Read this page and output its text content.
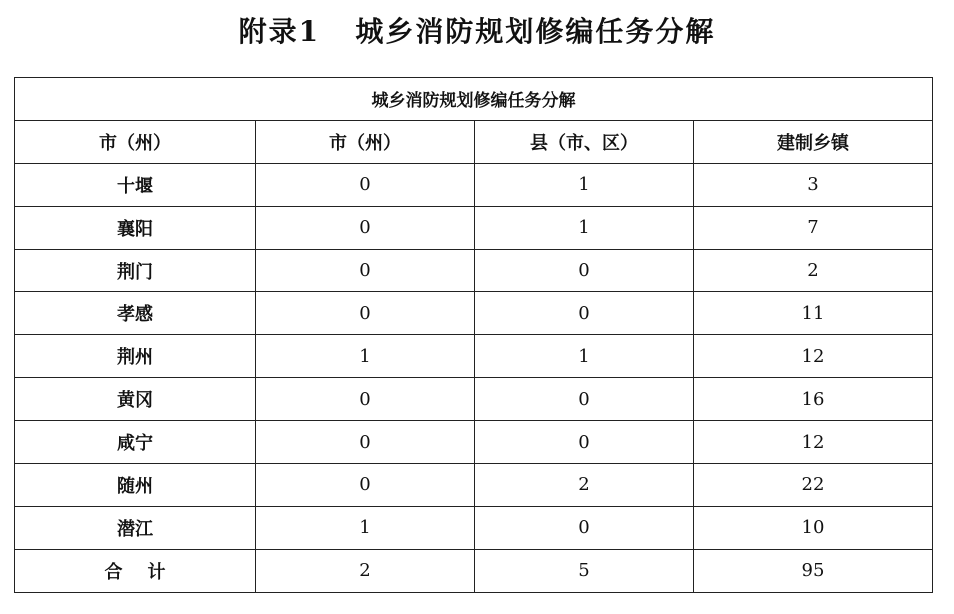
附录1   城乡消防规划修编任务分解
城乡消防规划修编任务分解			
市（州）	市（州）	县（市、区）	建制乡镇
十堰	0	1	3
襄阳	0	1	7
荆门	0	0	2
孝感	0	0	11
荆州	1	1	12
黄冈	0	0	16
咸宁	0	0	12
随州	0	2	22
潜江	1	0	10
合    计	2	5	95
